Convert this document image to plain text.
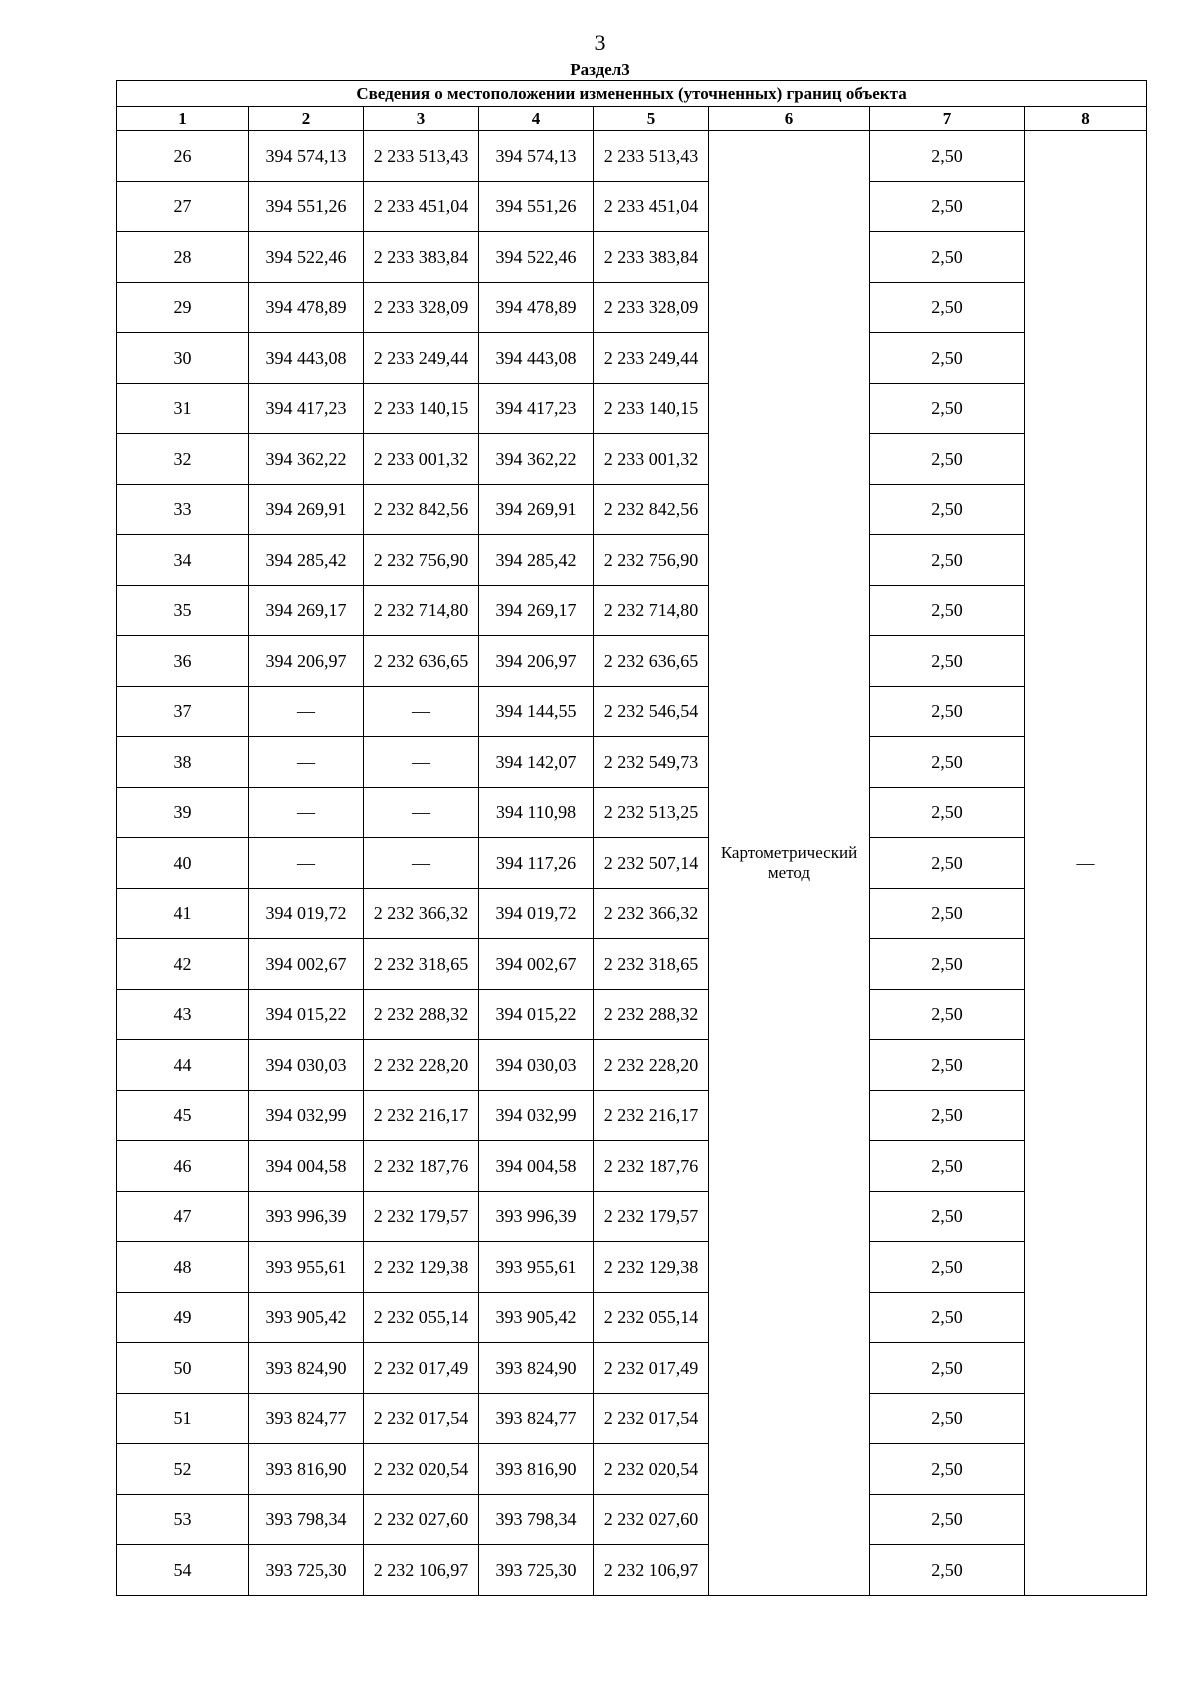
3
Раздел3
Сведения о местоположении измененных (уточненных) границ объекта							
1	2	3	4	5	6	7	8
26	394 574,13	2 233 513,43	394 574,13	2 233 513,43	Картометрический метод	2,50	—
27	394 551,26	2 233 451,04	394 551,26	2 233 451,04		2,50	
28	394 522,46	2 233 383,84	394 522,46	2 233 383,84		2,50	
29	394 478,89	2 233 328,09	394 478,89	2 233 328,09		2,50	
30	394 443,08	2 233 249,44	394 443,08	2 233 249,44		2,50	
31	394 417,23	2 233 140,15	394 417,23	2 233 140,15		2,50	
32	394 362,22	2 233 001,32	394 362,22	2 233 001,32		2,50	
33	394 269,91	2 232 842,56	394 269,91	2 232 842,56		2,50	
34	394 285,42	2 232 756,90	394 285,42	2 232 756,90		2,50	
35	394 269,17	2 232 714,80	394 269,17	2 232 714,80		2,50	
36	394 206,97	2 232 636,65	394 206,97	2 232 636,65		2,50	
37	—	—	394 144,55	2 232 546,54		2,50	
38	—	—	394 142,07	2 232 549,73		2,50	
39	—	—	394 110,98	2 232 513,25		2,50	
40	—	—	394 117,26	2 232 507,14		2,50	
41	394 019,72	2 232 366,32	394 019,72	2 232 366,32		2,50	
42	394 002,67	2 232 318,65	394 002,67	2 232 318,65		2,50	
43	394 015,22	2 232 288,32	394 015,22	2 232 288,32		2,50	
44	394 030,03	2 232 228,20	394 030,03	2 232 228,20		2,50	
45	394 032,99	2 232 216,17	394 032,99	2 232 216,17		2,50	
46	394 004,58	2 232 187,76	394 004,58	2 232 187,76		2,50	
47	393 996,39	2 232 179,57	393 996,39	2 232 179,57		2,50	
48	393 955,61	2 232 129,38	393 955,61	2 232 129,38		2,50	
49	393 905,42	2 232 055,14	393 905,42	2 232 055,14		2,50	
50	393 824,90	2 232 017,49	393 824,90	2 232 017,49		2,50	
51	393 824,77	2 232 017,54	393 824,77	2 232 017,54		2,50	
52	393 816,90	2 232 020,54	393 816,90	2 232 020,54		2,50	
53	393 798,34	2 232 027,60	393 798,34	2 232 027,60		2,50	
54	393 725,30	2 232 106,97	393 725,30	2 232 106,97		2,50	
